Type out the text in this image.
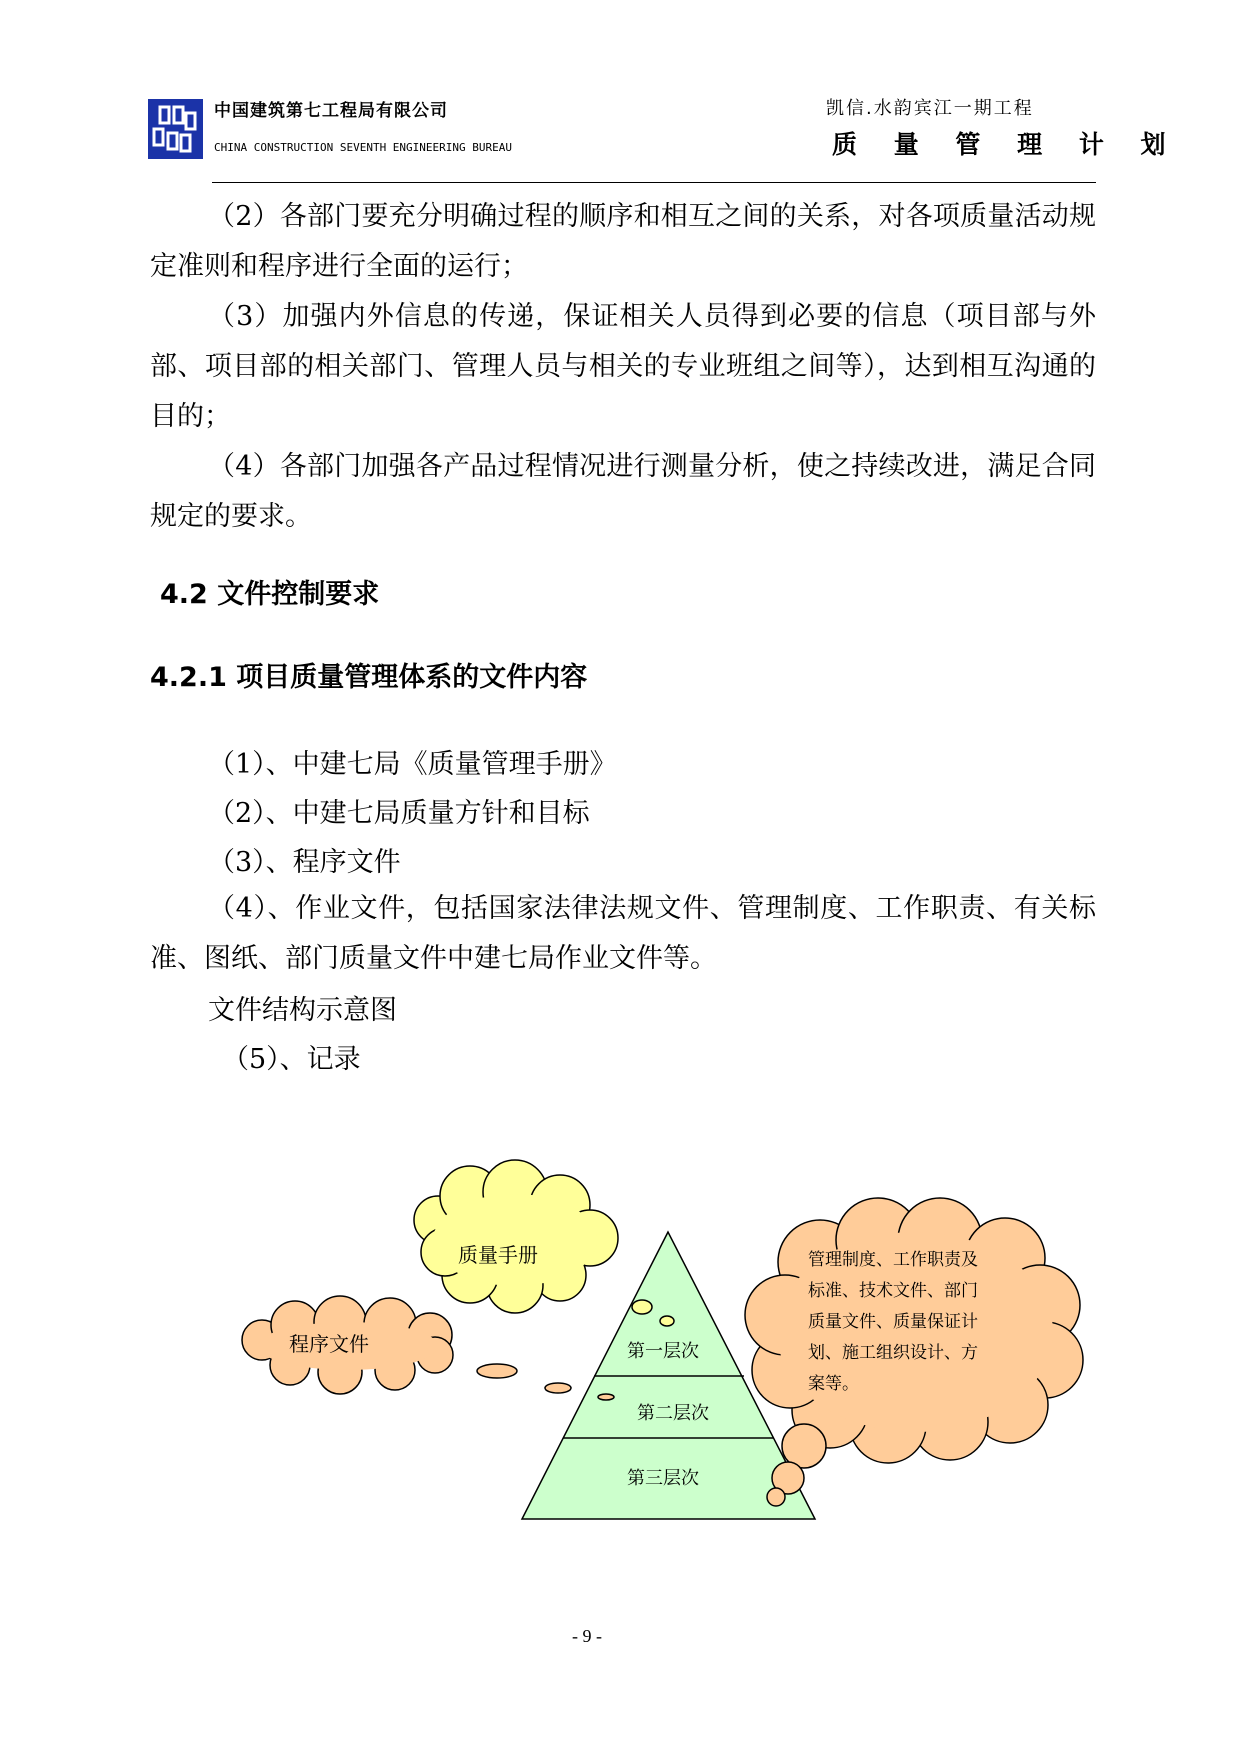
中国建筑第七工程局有限公司
CHINA CONSTRUCTION SEVENTH ENGINEERING BUREAU
凯信.水韵宾江一期工程
质 量 管 理 计 划
（2）各部门要充分明确过程的顺序和相互之间的关系，对各项质量活动规定准则和程序进行全面的运行；
（3）加强内外信息的传递，保证相关人员得到必要的信息（项目部与外部、项目部的相关部门、管理人员与相关的专业班组之间等），达到相互沟通的目的；
（4）各部门加强各产品过程情况进行测量分析，使之持续改进，满足合同规定的要求。
4.2 文件控制要求
4.2.1 项目质量管理体系的文件内容
（1）、中建七局《质量管理手册》
（2）、中建七局质量方针和目标
（3）、程序文件
（4）、作业文件，包括国家法律法规文件、管理制度、工作职责、有关标准、图纸、部门质量文件中建七局作业文件等。
文件结构示意图
（5）、记录
第一层次
第二层次
第三层次
质量手册
程序文件
管理制度、工作职责及 标准、技术文件、部门 质量文件、质量保证计 划、施工组织设计、方 案等。
- 9 -
